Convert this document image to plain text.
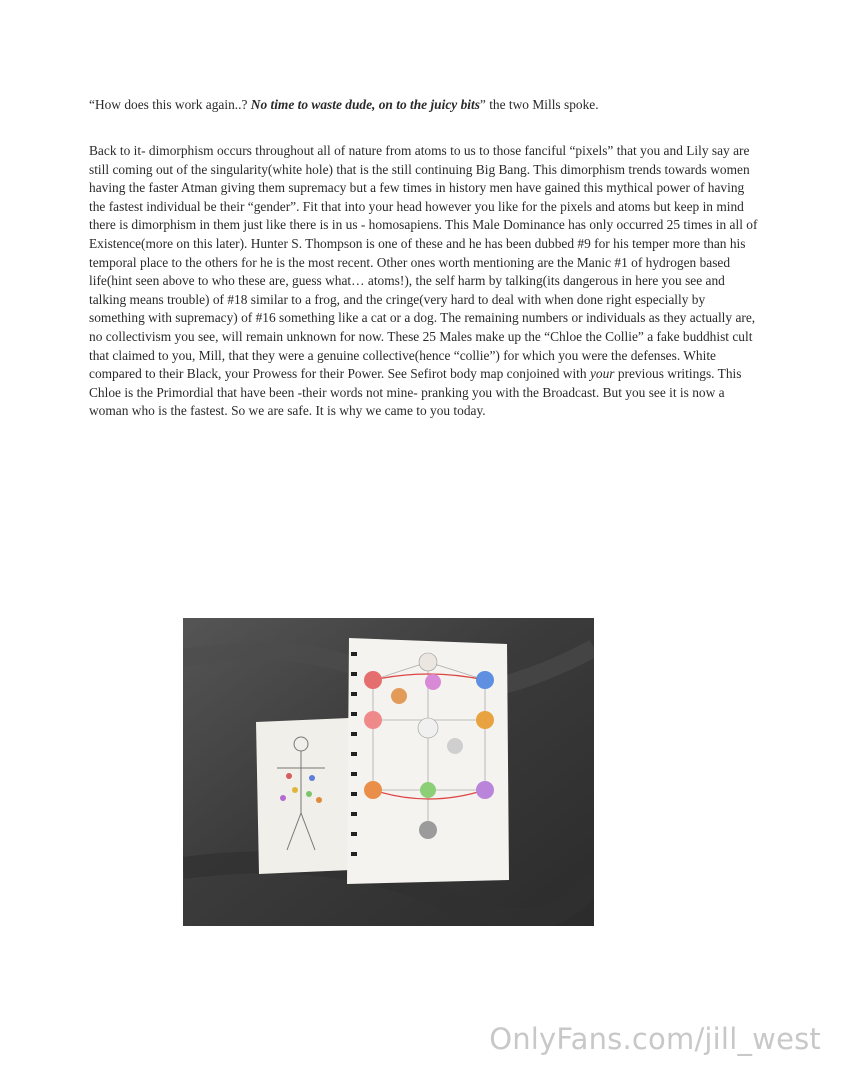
“How does this work again..? No time to waste dude, on to the juicy bits” the two Mills spoke.

Back to it- dimorphism occurs throughout all of nature from atoms to us to those fanciful “pixels” that you and Lily say are still coming out of the singularity(white hole) that is the still continuing Big Bang. This dimorphism trends towards women having the faster Atman giving them supremacy but a few times in history men have gained this mythical power of having the fastest individual be their “gender”. Fit that into your head however you like for the pixels and atoms but keep in mind there is dimorphism in them just like there is in us - homosapiens. This Male Dominance has only occurred 25 times in all of Existence(more on this later). Hunter S. Thompson is one of these and he has been dubbed #9 for his temper more than his temporal place to the others for he is the most recent. Other ones worth mentioning are the Manic #1 of hydrogen based life(hint seen above to who these are, guess what… atoms!), the self harm by talking(its dangerous in here you see and talking means trouble) of #18 similar to a frog, and the cringe(very hard to deal with when done right especially by something with supremacy) of #16 something like a cat or a dog. The remaining numbers or individuals as they actually are, no collectivism you see, will remain unknown for now. These 25 Males make up the “Chloe the Collie” a fake buddhist cult that claimed to you, Mill, that they were a genuine collective(hence “collie”) for which you were the defenses. White compared to their Black, your Prowess for their Power. See Sefirot body map conjoined with your previous writings. This Chloe is the Primordial that have been -their words not mine- pranking you with the Broadcast. But you see it is now a woman who is the fastest. So we are safe. It is why we came to you today.

OnlyFans.com/jill_west
